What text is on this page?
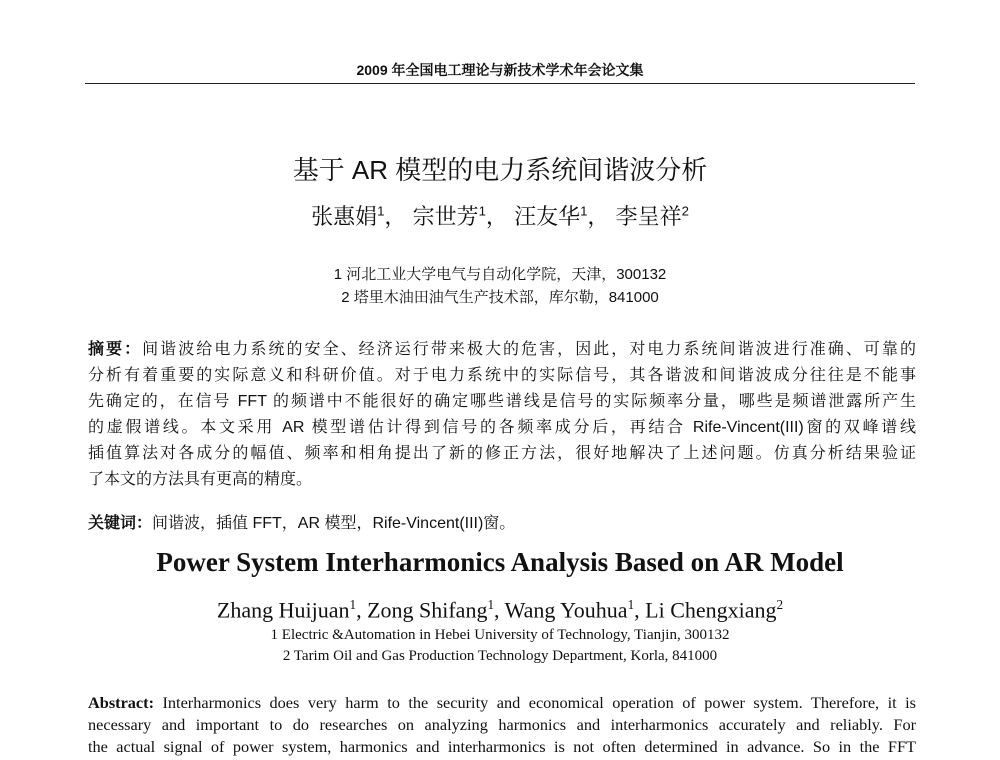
2009 年全国电工理论与新技术学术年会论文集
基于 AR 模型的电力系统间谐波分析
张惠娟$^1$， 宗世芳$^1$， 汪友华$^1$， 李呈祥$^2$
1 河北工业大学电气与自动化学院，天津，300132
2 塔里木油田油气生产技术部，库尔勒，841000
摘要：间谐波给电力系统的安全、经济运行带来极大的危害，因此，对电力系统间谐波进行准确、可靠的
分析有着重要的实际意义和科研价值。对于电力系统中的实际信号，其各谐波和间谐波成分往往是不能事
先确定的，在信号 FFT 的频谱中不能很好的确定哪些谱线是信号的实际频率分量，哪些是频谱泄露所产生
的虚假谱线。本文采用 AR 模型谱估计得到信号的各频率成分后，再结合 Rife-Vincent(III)窗的双峰谱线
插值算法对各成分的幅值、频率和相角提出了新的修正方法，很好地解决了上述问题。仿真分析结果验证
了本文的方法具有更高的精度。
关键词：间谐波，插值 FFT，AR 模型，Rife-Vincent(III)窗。
Power System Interharmonics Analysis Based on AR Model
Zhang Huijuan$^1$, Zong Shifang$^1$, Wang Youhua$^1$, Li Chengxiang$^2$
1 Electric &Automation in Hebei University of Technology, Tianjin, 300132
2 Tarim Oil and Gas Production Technology Department, Korla, 841000
Abstract: Interharmonics does very harm to the security and economical operation of power system. Therefore, it is
necessary and important to do researches on analyzing harmonics and interharmonics accurately and reliably. For
the actual signal of power system, harmonics and interharmonics is not often determined in advance. So in the FFT
